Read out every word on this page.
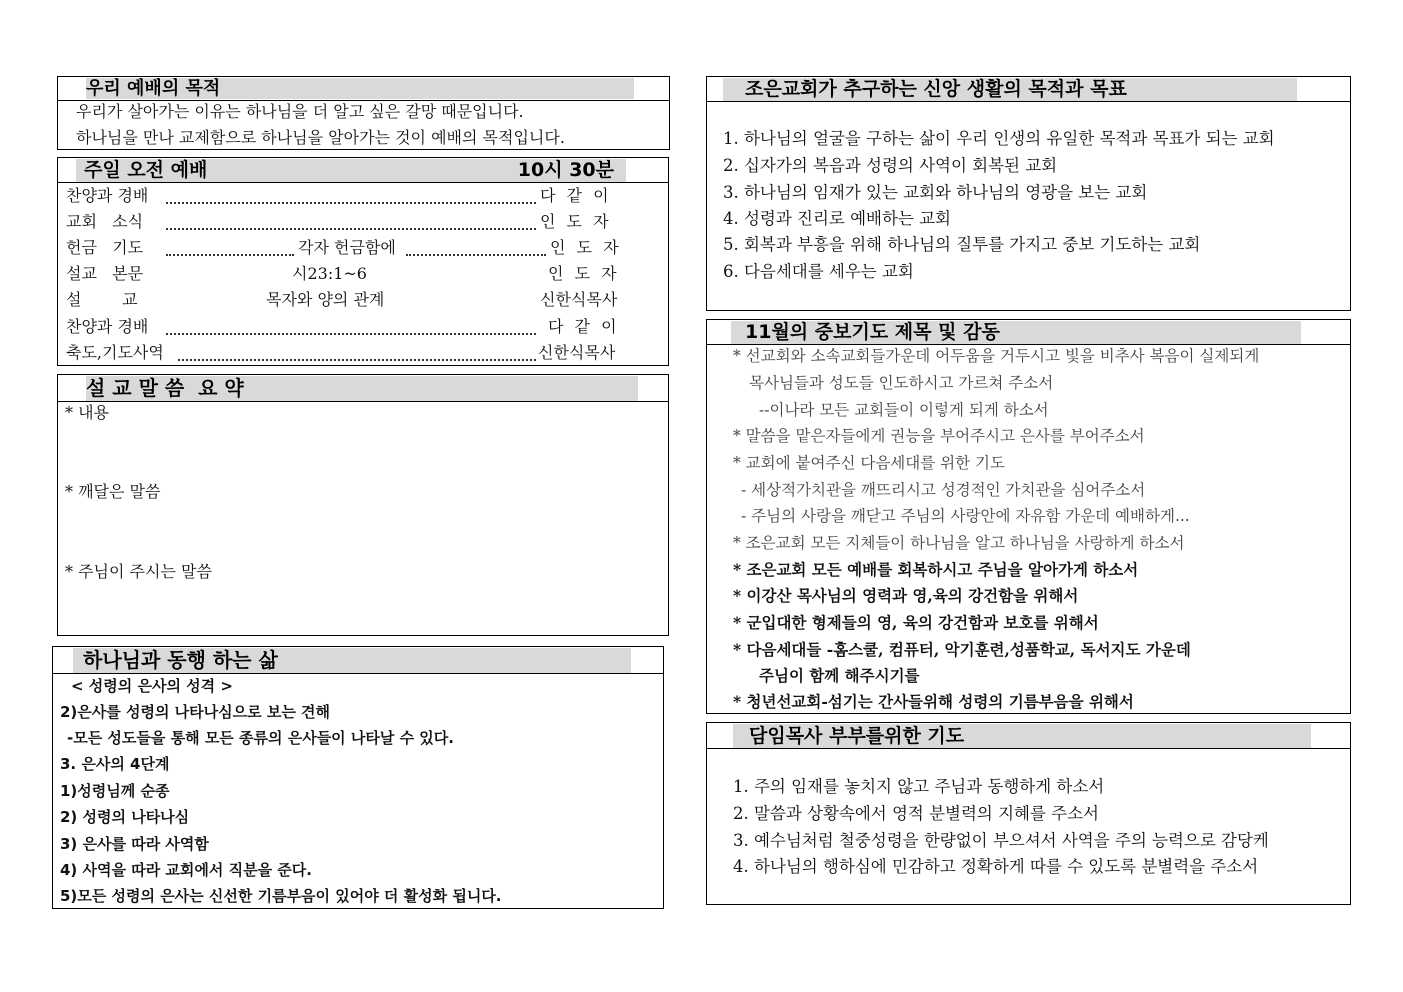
우리 예배의 목적
우리가 살아가는 이유는 하나님을 더 알고 싶은 갈망 때문입니다.
하나님을 만나 교제함으로 하나님을 알아가는 것이 예배의 목적입니다.
주일 오전 예배	10시 30분
찬양과 경배	다 같 이
교회   소식	인 도 자
헌금   기도	각자 헌금함에	인 도 자
설교   본문	시23:1~6	인 도 자
설        교	목자와 양의 관계	신한식목사
찬양과 경배	다 같 이
축도,기도사역	신한식목사
설 교 말 씀  요 약
* 내용
* 깨달은 말씀
* 주님이 주시는 말씀
하나님과 동행 하는 삶
< 성령의 은사의 성격 >
2)은사를 성령의 나타나심으로 보는 견해
-모든 성도들을 통해 모든 종류의 은사들이 나타날 수 있다.
3. 은사의 4단계
1)성령님께 순종
2) 성령의 나타나심
3) 은사를 따라 사역함
4) 사역을 따라 교회에서 직분을 준다.
5)모든 성령의 은사는 신선한 기름부음이 있어야 더 활성화 됩니다.
조은교회가 추구하는 신앙 생활의 목적과 목표
1. 하나님의 얼굴을 구하는 삶이 우리 인생의 유일한 목적과 목표가 되는 교회
2. 십자가의 복음과 성령의 사역이 회복된 교회
3. 하나님의 임재가 있는 교회와 하나님의 영광을 보는 교회
4. 성령과 진리로 예배하는 교회
5. 회복과 부흥을 위해 하나님의 질투를 가지고 중보 기도하는 교회
6. 다음세대를 세우는 교회
11월의 중보기도 제목 및 감동
* 선교회와 소속교회들가운데 어두움을 거두시고 빛을 비추사 복음이 실제되게
목사님들과 성도들 인도하시고 가르쳐 주소서
--이나라 모든 교회들이 이렇게 되게 하소서
* 말씀을 맡은자들에게 권능을 부어주시고 은사를 부어주소서
* 교회에 붙여주신 다음세대를 위한 기도
- 세상적가치관을 깨뜨리시고 성경적인 가치관을 심어주소서
- 주님의 사랑을 깨닫고 주님의 사랑안에 자유함 가운데 예배하게...
* 조은교회 모든 지체들이 하나님을 알고 하나님을 사랑하게 하소서
* 조은교회 모든 예배를 회복하시고 주님을 알아가게 하소서
* 이강산 목사님의 영력과 영,육의 강건함을 위해서
* 군입대한 형제들의 영, 육의 강건함과 보호를 위해서
* 다음세대들 -홈스쿨, 컴퓨터, 악기훈련,성품학교, 독서지도 가운데
주님이 함께 해주시기를
* 청년선교회-섬기는 간사들위해 성령의 기름부음을 위해서
담임목사 부부를위한 기도
1. 주의 임재를 놓치지 않고 주님과 동행하게 하소서
2. 말씀과 상황속에서 영적 분별력의 지혜를 주소서
3. 예수님처럼 철중성령을 한량없이 부으셔서 사역을 주의 능력으로 감당케
4. 하나님의 행하심에 민감하고 정확하게 따를 수 있도록 분별력을 주소서
